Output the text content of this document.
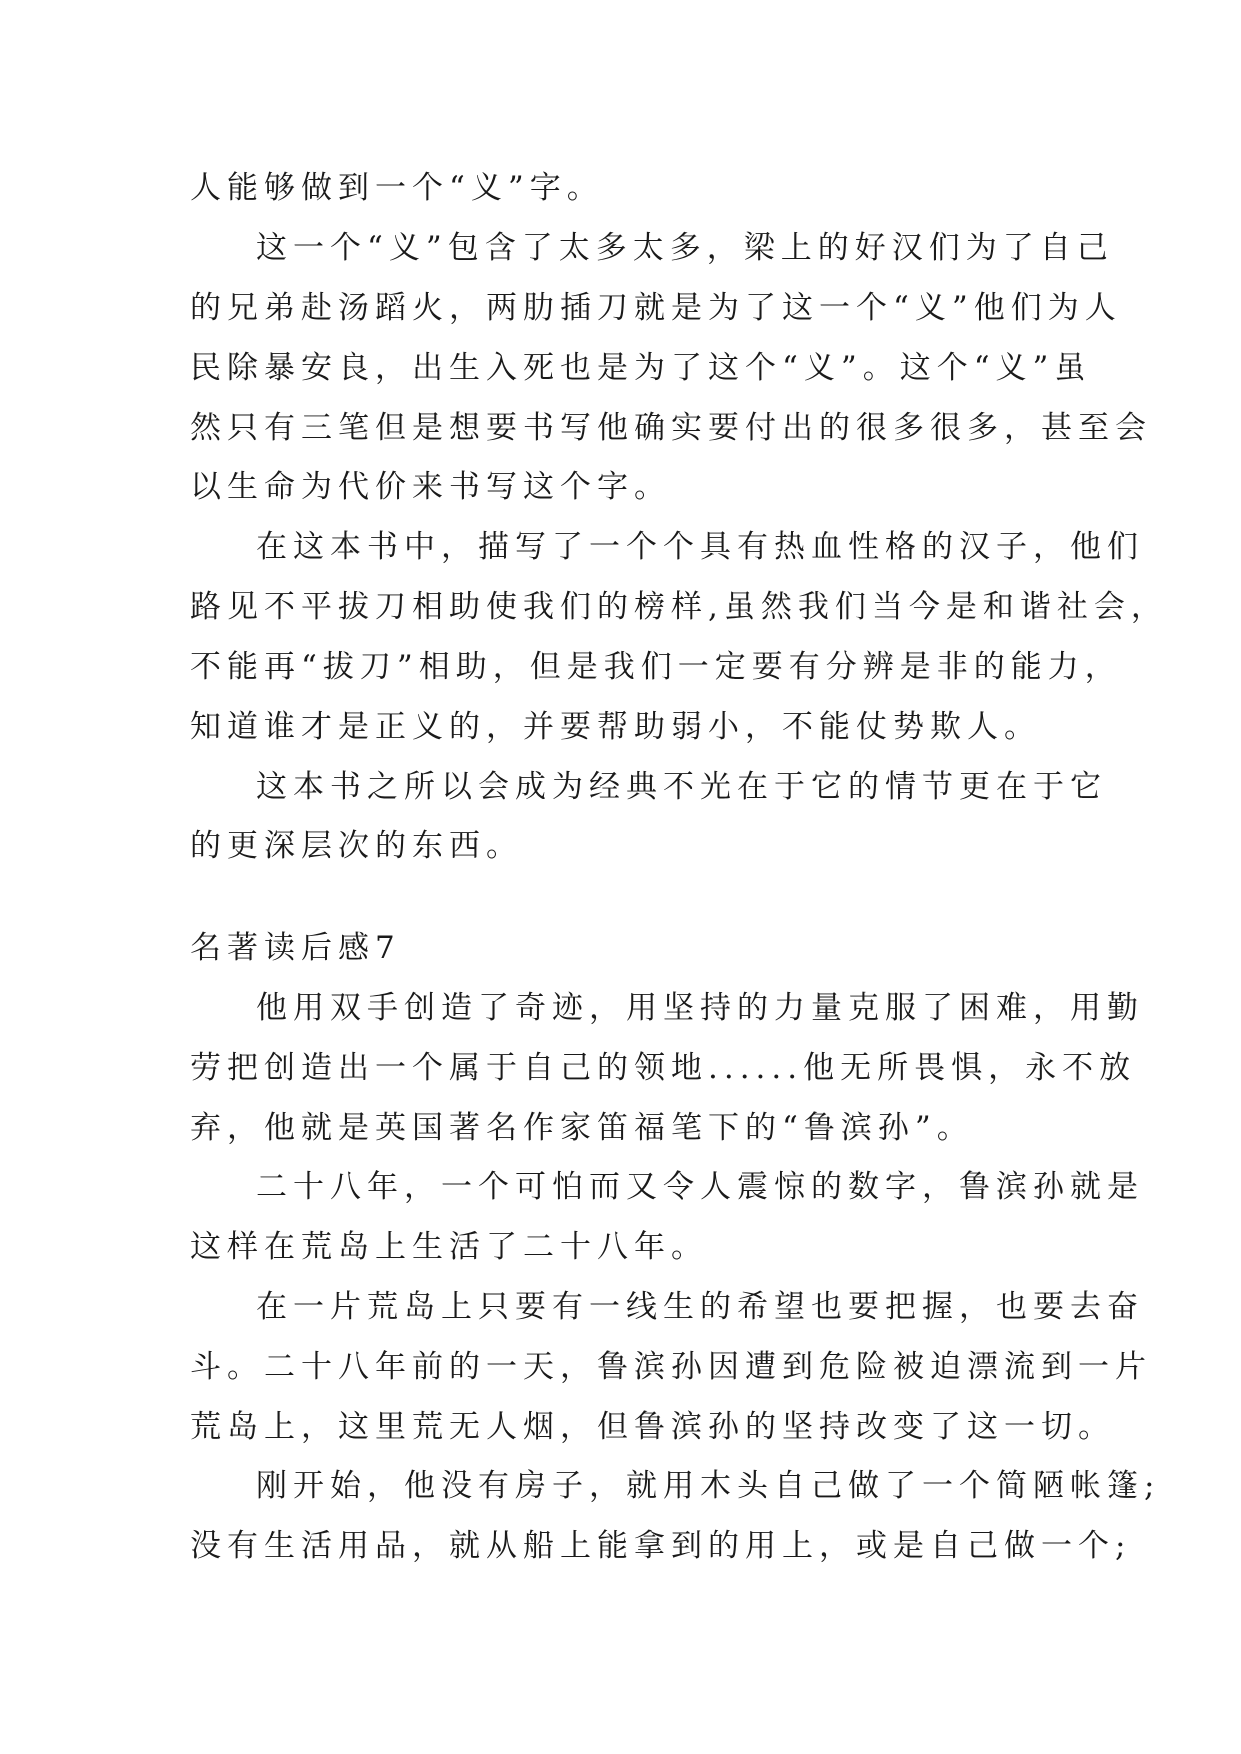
人能够做到一个“义”字。
这一个“义”包含了太多太多，梁上的好汉们为了自己
的兄弟赴汤蹈火，两肋插刀就是为了这一个“义”他们为人
民除暴安良，出生入死也是为了这个“义”。这个“义”虽
然只有三笔但是想要书写他确实要付出的很多很多，甚至会
以生命为代价来书写这个字。
在这本书中，描写了一个个具有热血性格的汉子，他们
路见不平拔刀相助使我们的榜样,虽然我们当今是和谐社会，
不能再“拔刀”相助，但是我们一定要有分辨是非的能力，
知道谁才是正义的，并要帮助弱小，不能仗势欺人。
这本书之所以会成为经典不光在于它的情节更在于它
的更深层次的东西。
名著读后感7
他用双手创造了奇迹，用坚持的力量克服了困难，用勤
劳把创造出一个属于自己的领地......他无所畏惧，永不放
弃，他就是英国著名作家笛福笔下的“鲁滨孙”。
二十八年，一个可怕而又令人震惊的数字，鲁滨孙就是
这样在荒岛上生活了二十八年。
在一片荒岛上只要有一线生的希望也要把握，也要去奋
斗。二十八年前的一天，鲁滨孙因遭到危险被迫漂流到一片
荒岛上，这里荒无人烟，但鲁滨孙的坚持改变了这一切。
刚开始，他没有房子，就用木头自己做了一个简陋帐篷;
没有生活用品，就从船上能拿到的用上，或是自己做一个;
